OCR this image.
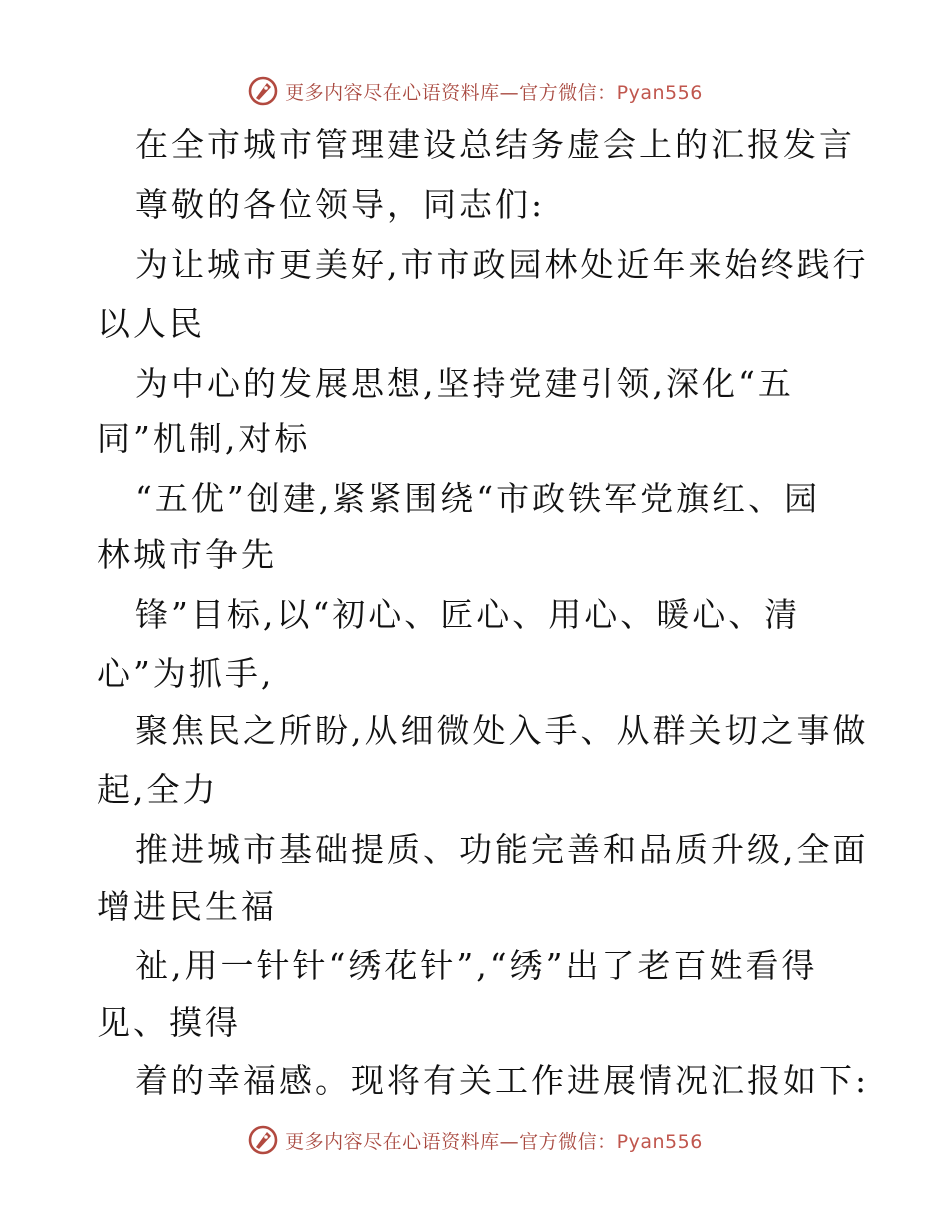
更多内容尽在心语资料库—官方微信：Pyan556
在全市城市管理建设总结务虚会上的汇报发言
尊敬的各位领导，同志们:
为让城市更美好,市市政园林处近年来始终践行
以人民
为中心的发展思想,坚持党建引领,深化“五
同”机制,对标
“五优”创建,紧紧围绕“市政铁军党旗红、园
林城市争先
锋”目标,以“初心、匠心、用心、暖心、清
心”为抓手,
聚焦民之所盼,从细微处入手、从群关切之事做
起,全力
推进城市基础提质、功能完善和品质升级,全面
增进民生福
祉,用一针针“绣花针”,“绣”出了老百姓看得
见、摸得
着的幸福感。现将有关工作进展情况汇报如下:
更多内容尽在心语资料库—官方微信：Pyan556
